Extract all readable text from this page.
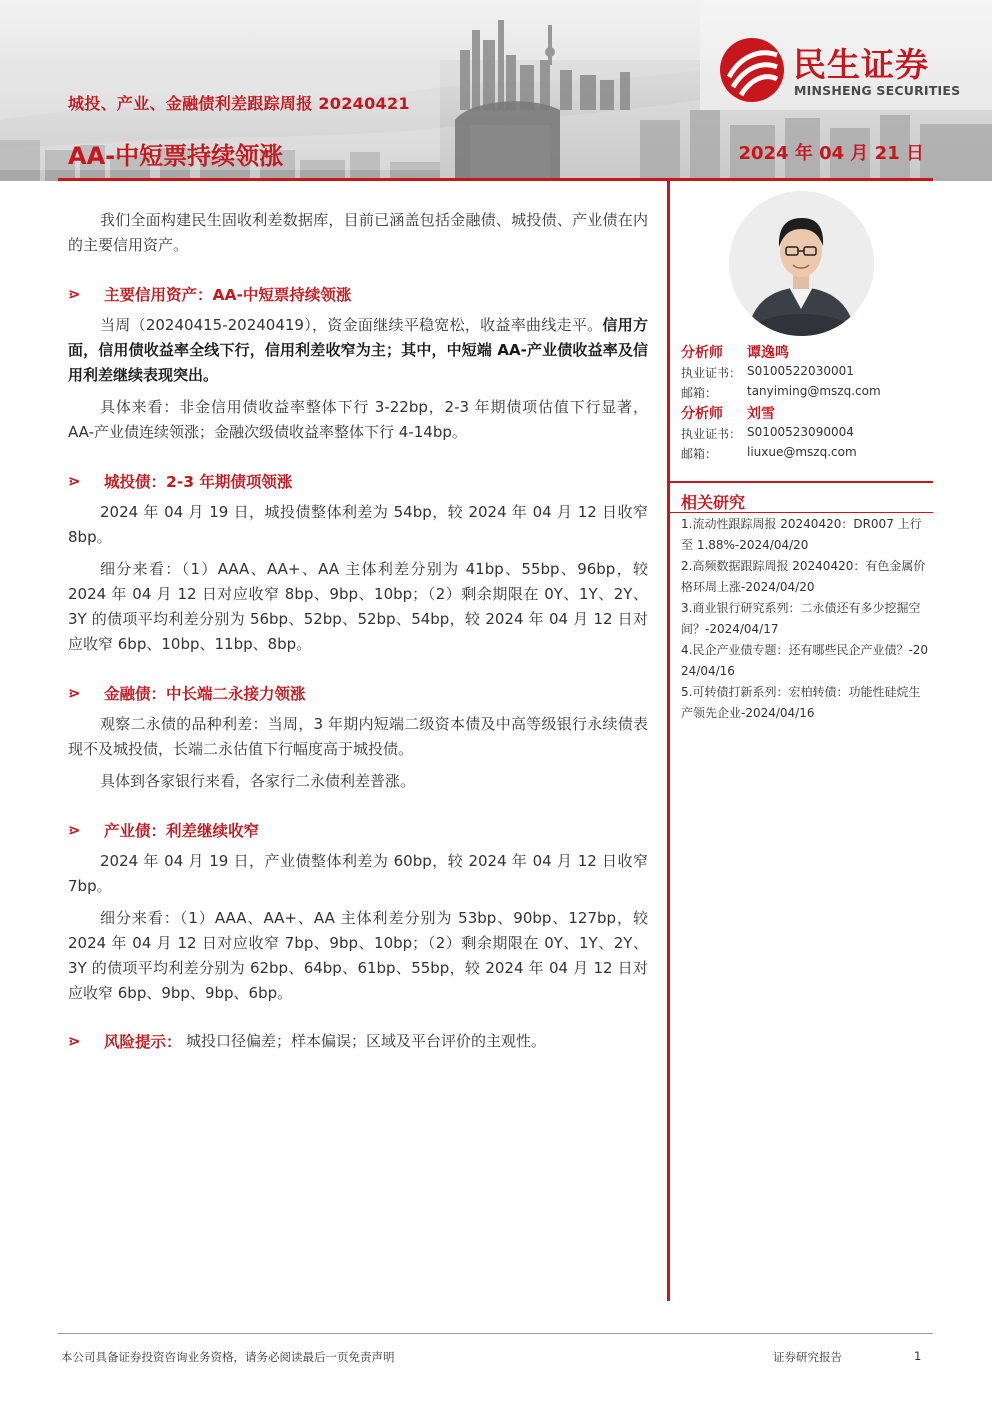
民生证券
MINSHENG SECURITIES
城投、产业、金融债利差跟踪周报 20240421
AA-中短票持续领涨	2024 年 04 月 21 日

我们全面构建民生固收利差数据库，目前已涵盖包括金融债、城投债、产业债在内的主要信用资产。

⋗ 主要信用资产：AA-中短票持续领涨

当周（20240415-20240419），资金面继续平稳宽松，收益率曲线走平。信用方面，信用债收益率全线下行，信用利差收窄为主；其中，中短端 AA-产业债收益率及信用利差继续表现突出。

具体来看：非金信用债收益率整体下行 3-22bp，2-3 年期债项估值下行显著，AA-产业债连续领涨；金融次级债收益率整体下行 4-14bp。

⋗ 城投债：2-3 年期债项领涨

2024 年 04 月 19 日，城投债整体利差为 54bp，较 2024 年 04 月 12 日收窄 8bp。

细分来看：（1）AAA、AA+、AA 主体利差分别为 41bp、55bp、96bp，较 2024 年 04 月 12 日对应收窄 8bp、9bp、10bp；（2）剩余期限在 0Y、1Y、2Y、3Y 的债项平均利差分别为 56bp、52bp、52bp、54bp，较 2024 年 04 月 12 日对应收窄 6bp、10bp、11bp、8bp。

⋗ 金融债：中长端二永接力领涨

观察二永债的品种利差：当周，3 年期内短端二级资本债及中高等级银行永续债表现不及城投债，长端二永估值下行幅度高于城投债。

具体到各家银行来看，各家行二永债利差普涨。

⋗ 产业债：利差继续收窄

2024 年 04 月 19 日，产业债整体利差为 60bp，较 2024 年 04 月 12 日收窄 7bp。

细分来看：（1）AAA、AA+、AA 主体利差分别为 53bp、90bp、127bp，较 2024 年 04 月 12 日对应收窄 7bp、9bp、10bp；（2）剩余期限在 0Y、1Y、2Y、3Y 的债项平均利差分别为 62bp、64bp、61bp、55bp，较 2024 年 04 月 12 日对应收窄 6bp、9bp、9bp、6bp。

⋗ 风险提示： 城投口径偏差；样本偏误；区域及平台评价的主观性。
分析师 谭逸鸣
执业证书： S0100522030001
邮箱： tanyiming@mszq.com
分析师 刘雪
执业证书： S0100523090004
邮箱： liuxue@mszq.com
相关研究
1.流动性跟踪周报 20240420：DR007 上行至 1.88%-2024/04/20
2.高频数据跟踪周报 20240420：有色金属价格环周上涨-2024/04/20
3.商业银行研究系列：二永债还有多少挖掘空间？-2024/04/17
4.民企产业债专题：还有哪些民企产业债？-2024/04/16
5.可转债打新系列：宏柏转债：功能性硅烷生产领先企业-2024/04/16
本公司具备证券投资咨询业务资格，请务必阅读最后一页免责声明	证券研究报告	1
